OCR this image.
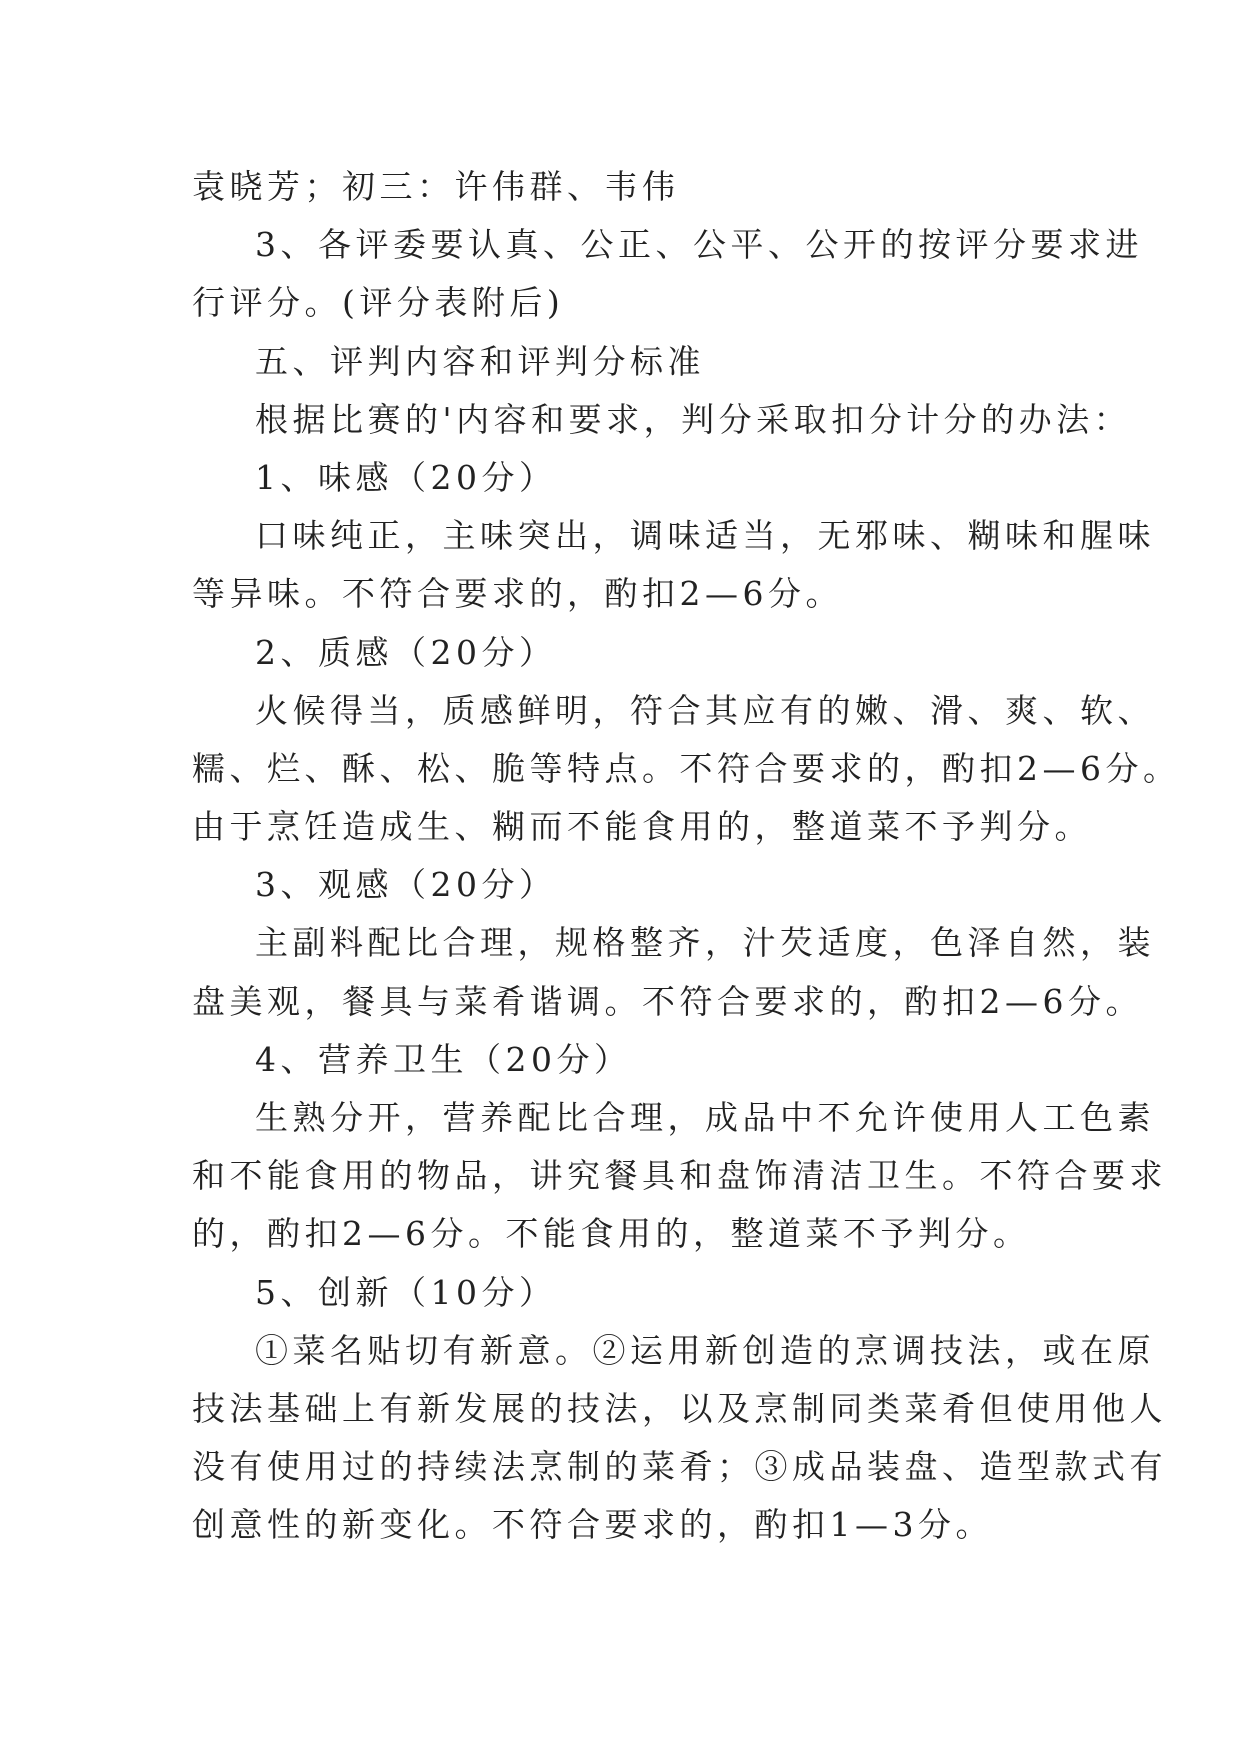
袁晓芳；初三：许伟群、韦伟
3、各评委要认真、公正、公平、公开的按评分要求进
行评分。(评分表附后)
五、评判内容和评判分标准
根据比赛的'内容和要求，判分采取扣分计分的办法：
1、味感（20分）
口味纯正，主味突出，调味适当，无邪味、糊味和腥味
等异味。不符合要求的，酌扣2—6分。
2、质感（20分）
火候得当，质感鲜明，符合其应有的嫩、滑、爽、软、
糯、烂、酥、松、脆等特点。不符合要求的，酌扣2—6分。
由于烹饪造成生、糊而不能食用的，整道菜不予判分。
3、观感（20分）
主副料配比合理，规格整齐，汁芡适度，色泽自然，装
盘美观，餐具与菜肴谐调。不符合要求的，酌扣2—6分。
4、营养卫生（20分）
生熟分开，营养配比合理，成品中不允许使用人工色素
和不能食用的物品，讲究餐具和盘饰清洁卫生。不符合要求
的，酌扣2—6分。不能食用的，整道菜不予判分。
5、创新（10分）
①菜名贴切有新意。②运用新创造的烹调技法，或在原
技法基础上有新发展的技法，以及烹制同类菜肴但使用他人
没有使用过的持续法烹制的菜肴；③成品装盘、造型款式有
创意性的新变化。不符合要求的，酌扣1—3分。
